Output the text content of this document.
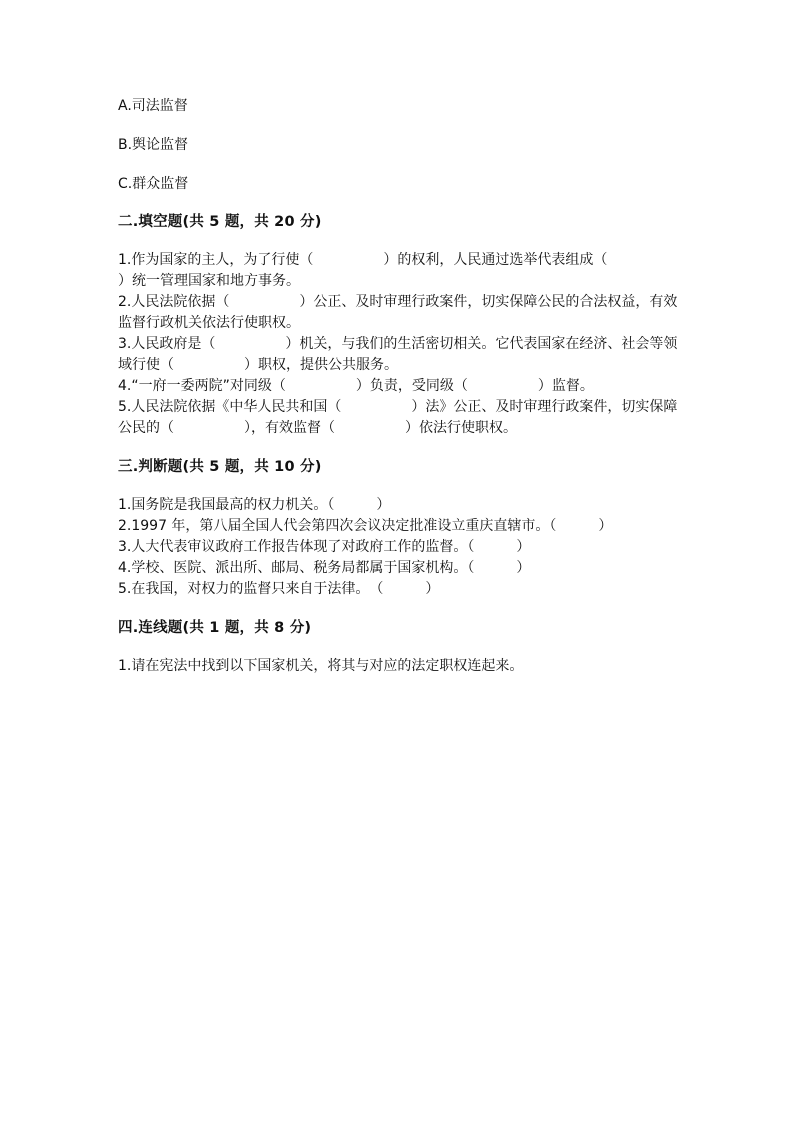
A.司法监督

B.舆论监督

C.群众监督

二.填空题(共 5 题，共 20 分)

1.作为国家的主人，为了行使（　　　　　）的权利，人民通过选举代表组成（　　　　　）统一管理国家和地方事务。

2.人民法院依据（　　　　　）公正、及时审理行政案件，切实保障公民的合法权益，有效监督行政机关依法行使职权。

3.人民政府是（　　　　　）机关，与我们的生活密切相关。它代表国家在经济、社会等领域行使（　　　　　）职权，提供公共服务。

4.“一府一委两院”对同级（　　　　　）负责，受同级（　　　　　）监督。

5.人民法院依据《中华人民共和国（　　　　　）法》公正、及时审理行政案件，切实保障公民的（　　　　　），有效监督（　　　　　）依法行使职权。

三.判断题(共 5 题，共 10 分)

1.国务院是我国最高的权力机关。（　　　）

2.1997 年，第八届全国人代会第四次会议决定批准设立重庆直辖市。（　　　）

3.人大代表审议政府工作报告体现了对政府工作的监督。（　　　）

4.学校、医院、派出所、邮局、税务局都属于国家机构。（　　　）

5.在我国，对权力的监督只来自于法律。　（　　　）

四.连线题(共 1 题，共 8 分)

1.请在宪法中找到以下国家机关，将其与对应的法定职权连起来。
